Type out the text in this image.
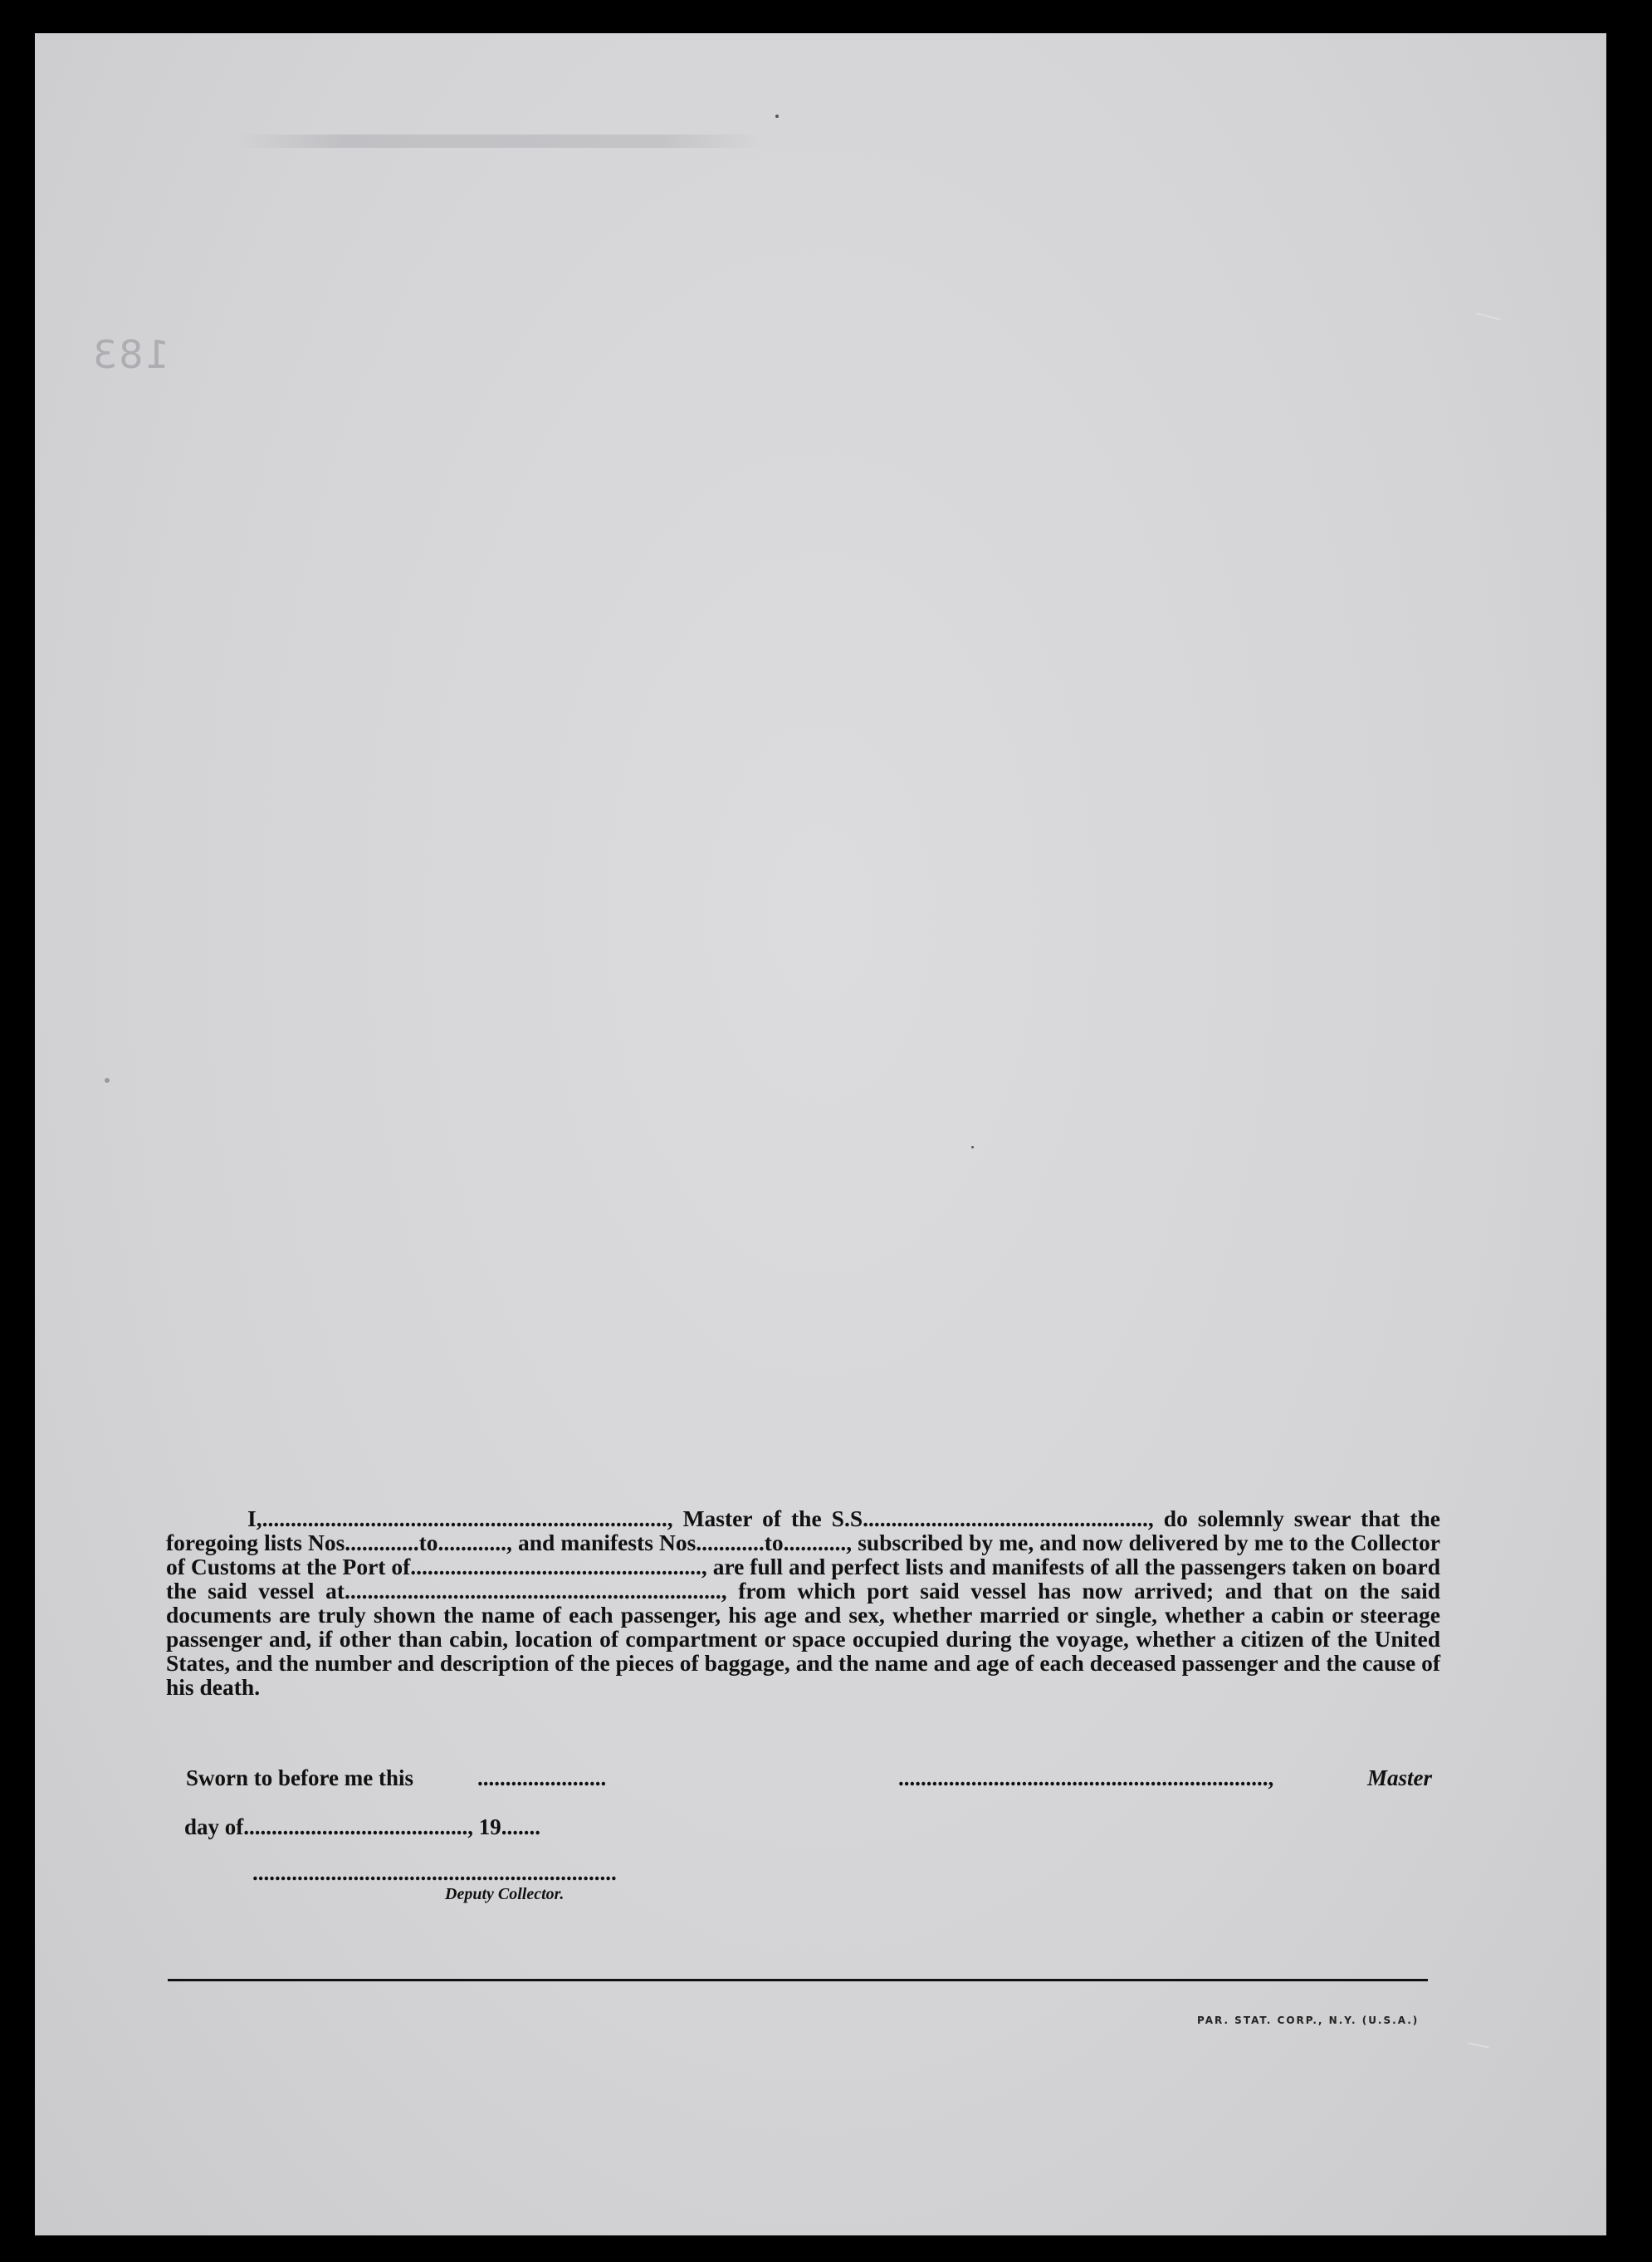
183

I,......................................................................., Master of the S.S.................................................., do solemnly swear that the foregoing lists Nos.............to............, and manifests Nos............to..........., subscribed by me, and now delivered by me to the Collector of Customs at the Port of..................................................., are full and perfect lists and manifests of all the passengers taken on board the said vessel at.................................................................., from which port said vessel has now arrived; and that on the said documents are truly shown the name of each passenger, his age and sex, whether married or single, whether a cabin or steerage passenger and, if other than cabin, location of compartment or space occupied during the voyage, whether a citizen of the United States, and the number and description of the pieces of baggage, and the name and age of each deceased passenger and the cause of his death.

Sworn to before me this	.......................	..................................................................,	Master
day of........................................, 19.......
.................................................................
Deputy Collector.
PAR. STAT. CORP., N.Y. (U.S.A.)
